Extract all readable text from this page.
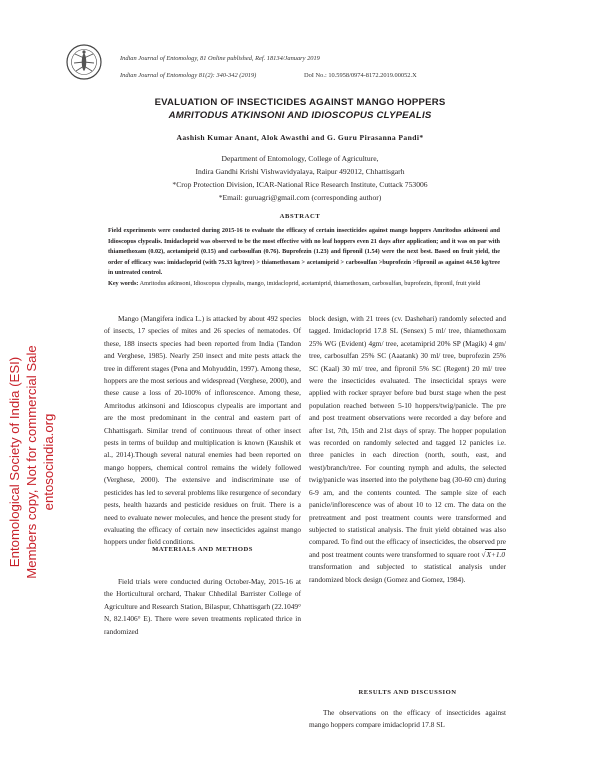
Indian Journal of Entomology, 81 Online published, Ref. 18134/January 2019
Indian Journal of Entomology 81(2): 340-342 (2019)	DoI No.: 10.5958/0974-8172.2019.00052.X
EVALUATION OF INSECTICIDES AGAINST MANGO HOPPERS
AMRITODUS ATKINSONI AND IDIOSCOPUS CLYPEALIS
Aashish Kumar Anant, Alok Awasthi and G. Guru Pirasanna Pandi*
Department of Entomology, College of Agriculture,
Indira Gandhi Krishi Vishwavidyalaya, Raipur 492012, Chhattisgarh
*Crop Protection Division, ICAR-National Rice Research Institute, Cuttack 753006
*Email: guruagri@gmail.com (corresponding author)
ABSTRACT

Field experiments were conducted during 2015-16 to evaluate the efficacy of certain insecticides against mango hoppers Amritodus atkinsoni and Idioscopus clypealis. Imidacloprid was observed to be the most effective with no leaf hoppers even 21 days after application; and it was on par with thiamethoxam (0.02), acetamiprid (0.15) and carbosulfan (0.76). Buprofezin (1.23) and fipronil (1.54) were the next best. Based on fruit yield, the order of efficacy was: imidacloprid (with 75.33 kg/tree) > thiamethoxam > acetamiprid > carbosulfan >buprofezin >fipronil as against 44.50 kg/tree in untreated control.

Key words: Amritodus atkinsoni, Idioscopus clypealis, mango, imidacloprid, acetamiprid, thiamethoxam, carbosulfan, buprofezin, fipronil, fruit yield

Mango (Mangifera indica L.) is attacked by about 492 species of insects, 17 species of mites and 26 species of nematodes. Of these, 188 insects species had been reported from India (Tandon and Verghese, 1985). Nearly 250 insect and mite pests attack the tree in different stages (Pena and Mohyuddin, 1997). Among these, hoppers are the most serious and widespread (Verghese, 2000), and these cause a loss of 20-100% of inflorescence. Among these, Amritodus atkinsoni and Idioscopus clypealis are important and are the most predominant in the central and eastern part of Chhattisgarh. Similar trend of continuous threat of other insect pests in terms of buildup and multiplication is known (Kaushik et al., 2014).Though several natural enemies had been reported on mango hoppers, chemical control remains the widely followed (Verghese, 2000). The extensive and indiscriminate use of pesticides has led to several problems like resurgence of secondary pests, health hazards and pesticide residues on fruit. There is a need to evaluate newer molecules, and hence the present study for evaluating the efficacy of certain new insecticides against mango hoppers under field conditions.

MATERIALS AND METHODS

Field trials were conducted during October-May, 2015-16 at the Horticultural orchard, Thakur Chhedilal Barrister College of Agriculture and Research Station, Bilaspur, Chhattisgarh (22.1049° N, 82.1406° E). There were seven treatments replicated thrice in randomized

block design, with 21 trees (cv. Dashehari) randomly selected and tagged. Imidacloprid 17.8 SL (Sensex) 5 ml/ tree, thiamethoxam 25% WG (Evident) 4gm/ tree, acetamiprid 20% SP (Magik) 4 gm/ tree, carbosulfan 25% SC (Aaatank) 30 ml/ tree, buprofezin 25% SC (Kaal) 30 ml/ tree, and fipronil 5% SC (Regent) 20 ml/ tree were the insecticides evaluated. The insecticidal sprays were applied with rocker sprayer before bud burst stage when the pest population reached between 5-10 hoppers/twig/panicle. The pre and post treatment observations were recorded a day before and after 1st, 7th, 15th and 21st days of spray. The hopper population was recorded on randomly selected and tagged 12 panicles i.e. three panicles in each direction (north, south, east, and west)/branch/tree. For counting nymph and adults, the selected twig/panicle was inserted into the polythene bag (30-60 cm) during 6-9 am, and the contents counted. The sample size of each panicle/inflorescence was of about 10 to 12 cm. The data on the pretreatment and post treatment counts were transformed and subjected to statistical analysis. The fruit yield obtained was also compared. To find out the efficacy of insecticides, the observed pre and post treatment counts were transformed to square root √X+1.0 transformation and subjected to statistical analysis under randomized block design (Gomez and Gomez, 1984).

RESULTS AND DISCUSSION

The observations on the efficacy of insecticides against mango hoppers compare imidacloprid 17.8 SL

Entomological Society of India (ESI) Members copy, Not for commercial Sale entosocindia.org
